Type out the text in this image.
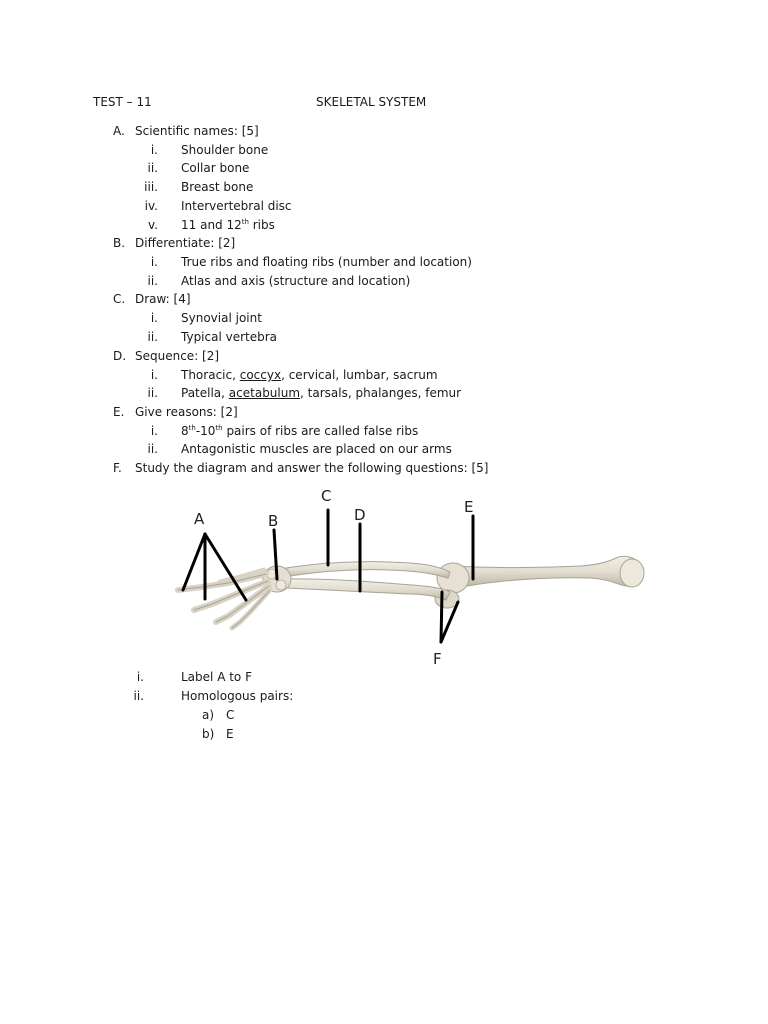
TEST – 11	SKELETAL SYSTEM
A. Scientific names: [5]
i. Shoulder bone
ii. Collar bone
iii. Breast bone
iv. Intervertebral disc
v. 11 and 12th ribs
B. Differentiate: [2]
i. True ribs and floating ribs (number and location)
ii. Atlas and axis (structure and location)
C. Draw: [4]
i. Synovial joint
ii. Typical vertebra
D. Sequence: [2]
i. Thoracic, coccyx, cervical, lumbar, sacrum
ii. Patella, acetabulum, tarsals, phalanges, femur
E. Give reasons: [2]
i. 8th-10th pairs of ribs are called false ribs
ii. Antagonistic muscles are placed on our arms
F.	Study the diagram and answer the following questions: [5]
A	B
C
D	E
F
i.	Label A to F
ii.	Homologous pairs:
a) C
b) E
